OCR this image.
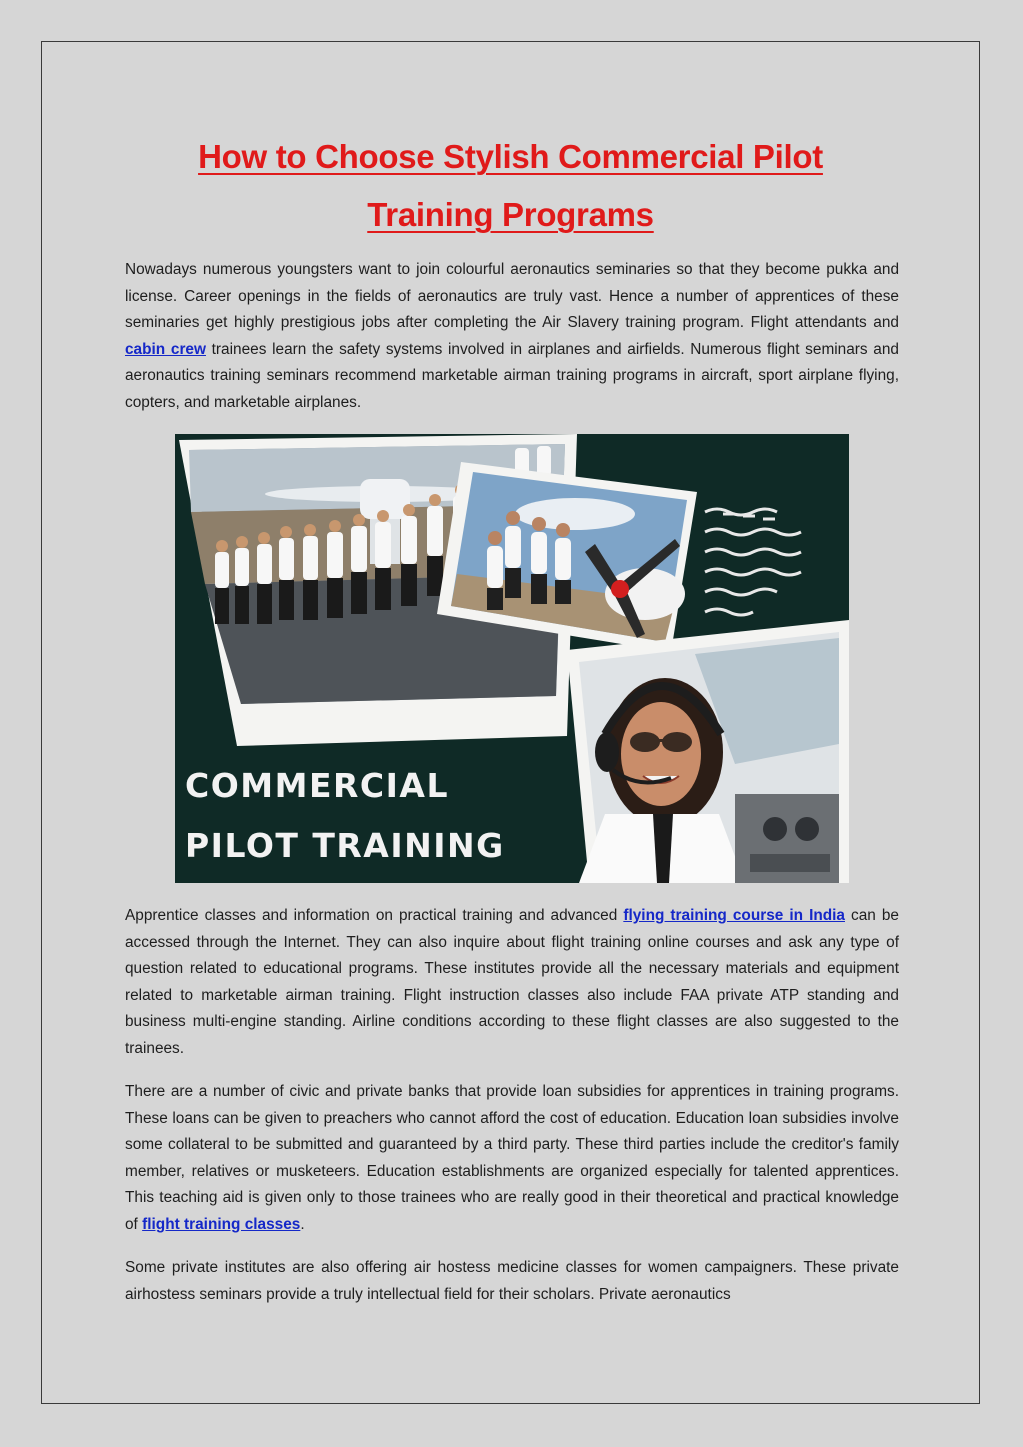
How to Choose Stylish Commercial Pilot
Training Programs

Nowadays numerous youngsters want to join colourful aeronautics seminaries so that they become pukka and license. Career openings in the fields of aeronautics are truly vast. Hence a number of apprentices of these seminaries get highly prestigious jobs after completing the Air Slavery training program. Flight attendants and cabin crew trainees learn the safety systems involved in airplanes and airfields. Numerous flight seminars and aeronautics training seminars recommend marketable airman training programs in aircraft, sport airplane flying, copters, and marketable airplanes.

COMMERCIAL
PILOT TRAINING

Apprentice classes and information on practical training and advanced flying training course in India can be accessed through the Internet. They can also inquire about flight training online courses and ask any type of question related to educational programs. These institutes provide all the necessary materials and equipment related to marketable airman training. Flight instruction classes also include FAA private ATP standing and business multi-engine standing. Airline conditions according to these flight classes are also suggested to the trainees.

There are a number of civic and private banks that provide loan subsidies for apprentices in training programs. These loans can be given to preachers who cannot afford the cost of education. Education loan subsidies involve some collateral to be submitted and guaranteed by a third party. These third parties include the creditor's family member, relatives or musketeers. Education establishments are organized especially for talented apprentices. This teaching aid is given only to those trainees who are really good in their theoretical and practical knowledge of flight training classes.

Some private institutes are also offering air hostess medicine classes for women campaigners. These private airhostess seminars provide a truly intellectual field for their scholars. Private aeronautics
